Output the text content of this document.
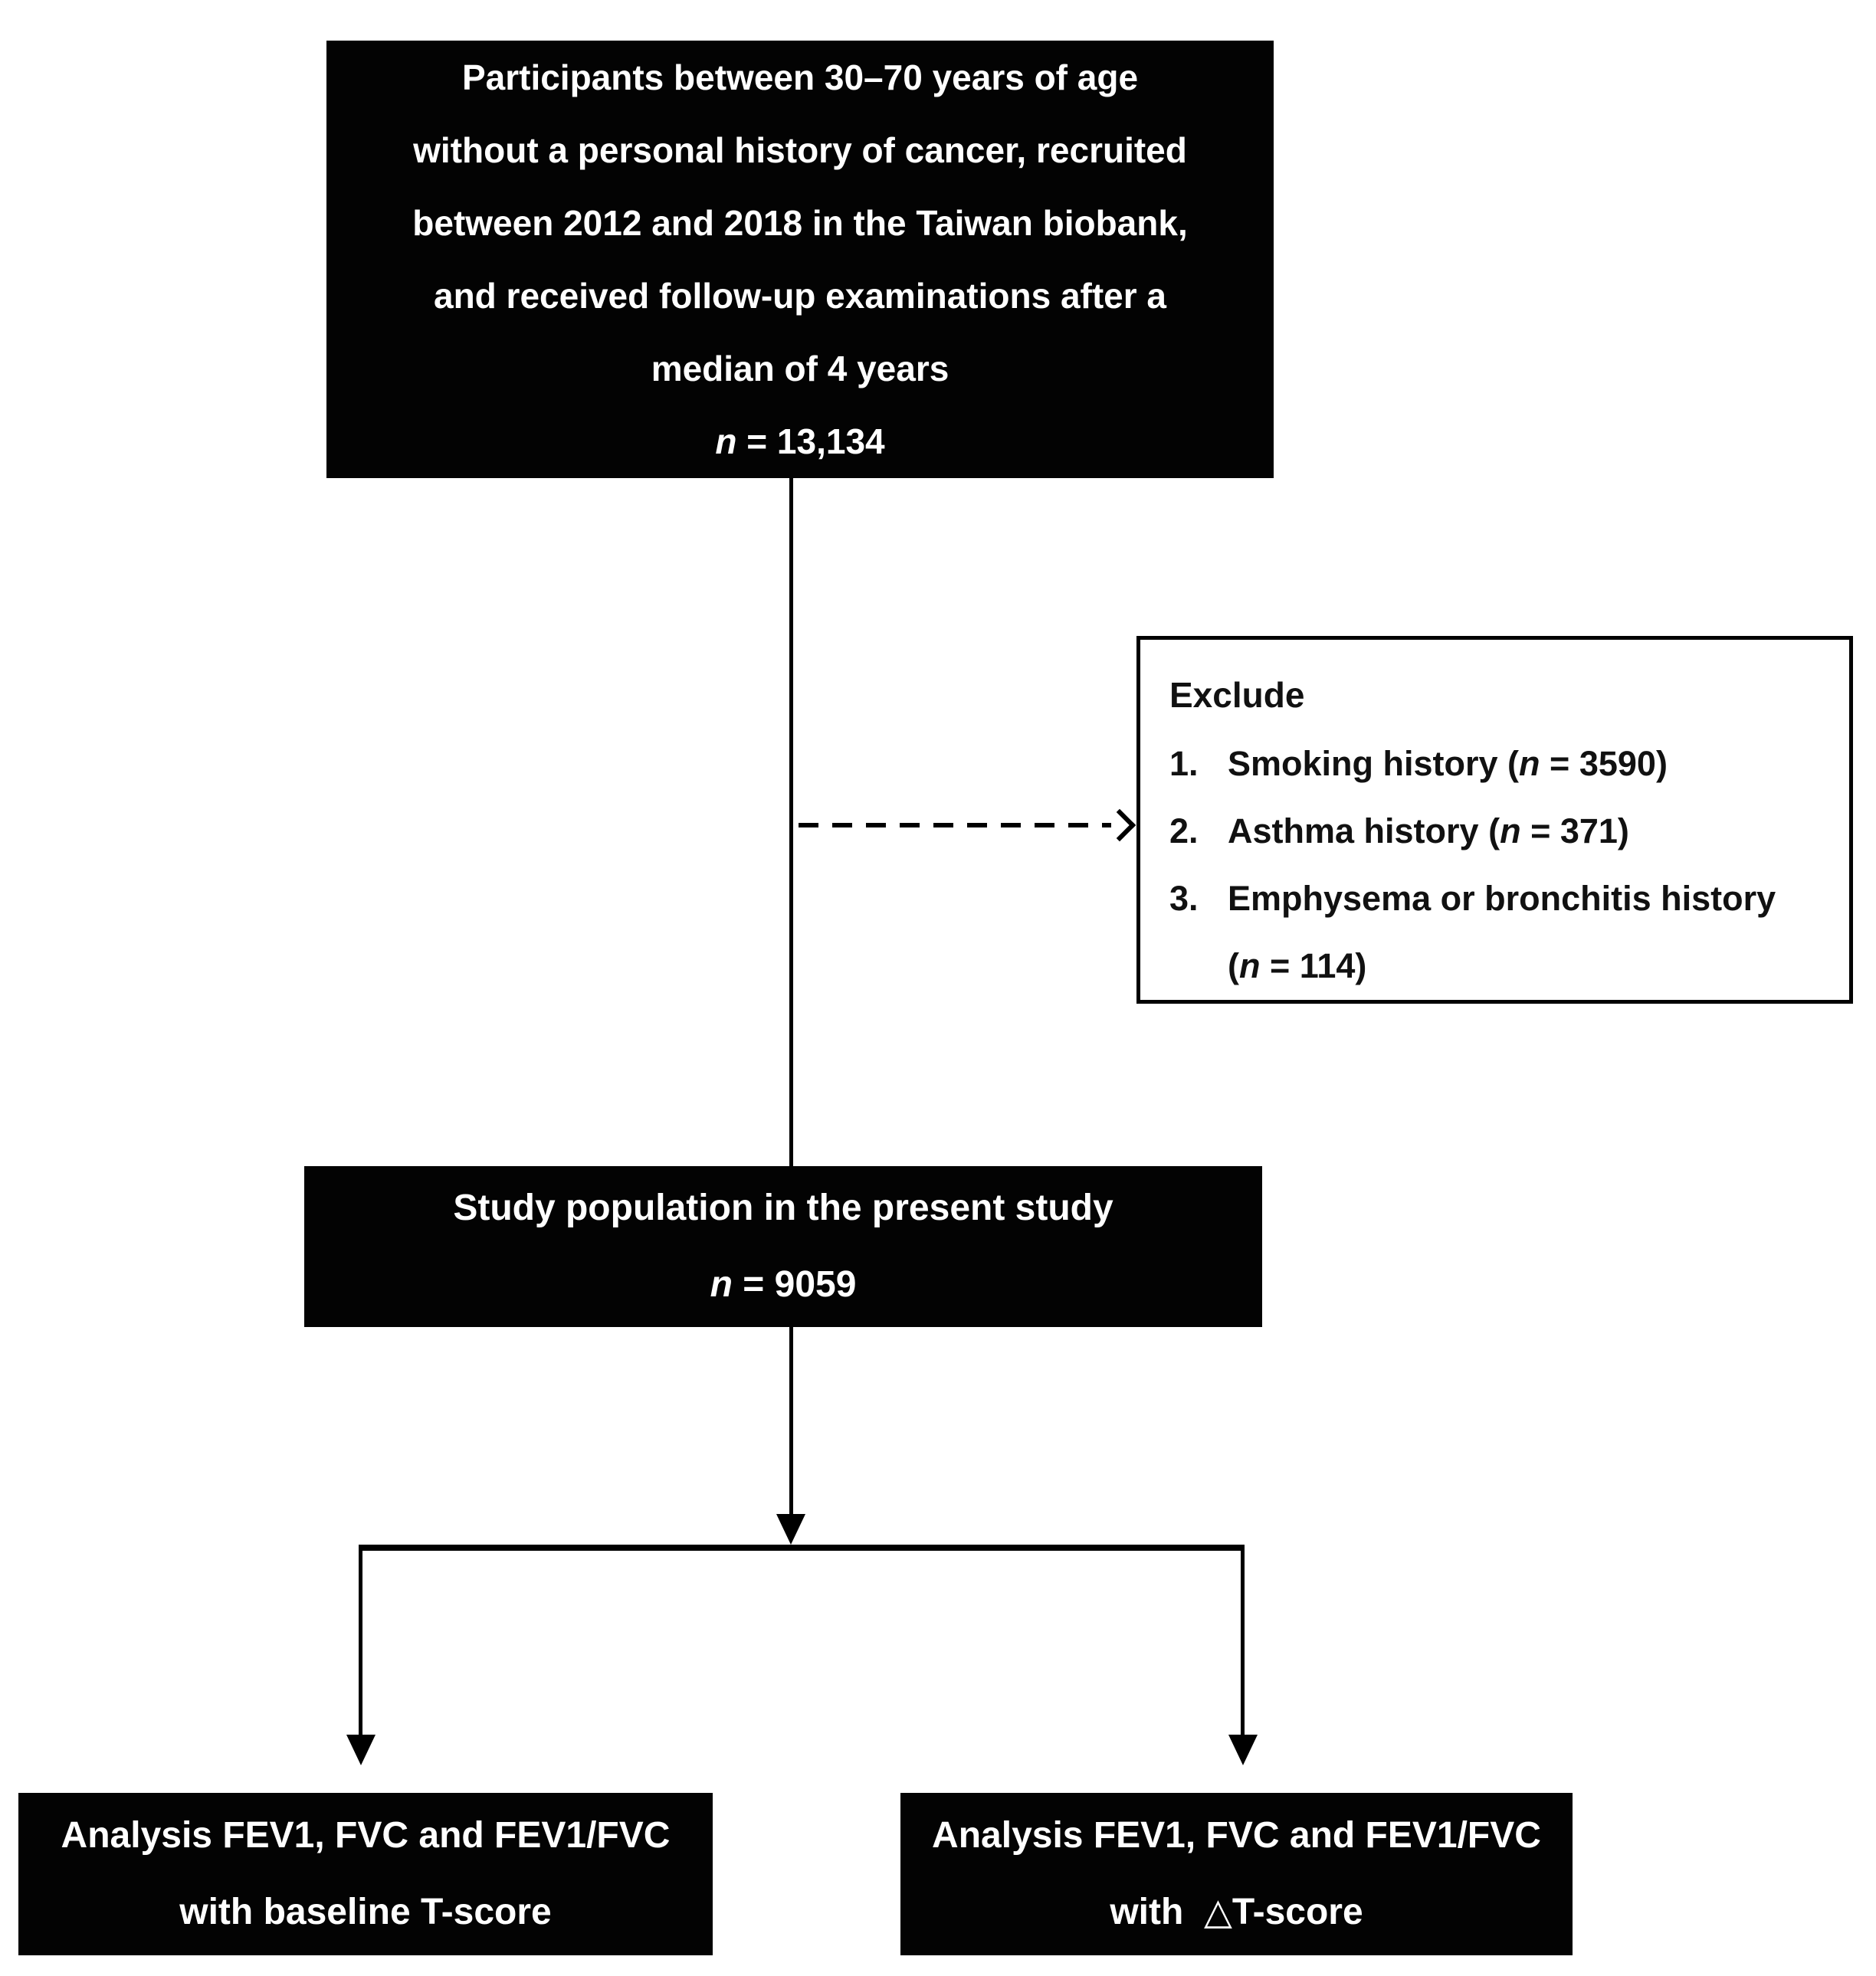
Participants between 30–70 years of age
without a personal history of cancer, recruited
between 2012 and 2018 in the Taiwan biobank,
and received follow-up examinations after a
median of 4 years
n = 13,134
Exclude
1. Smoking history (n = 3590)
2. Asthma history (n = 371)
3. Emphysema or bronchitis history
(n = 114)
Study population in the present study
n = 9059
Analysis FEV1, FVC and FEV1/FVC
with baseline T-score
Analysis FEV1, FVC and FEV1/FVC
with  △T-score
